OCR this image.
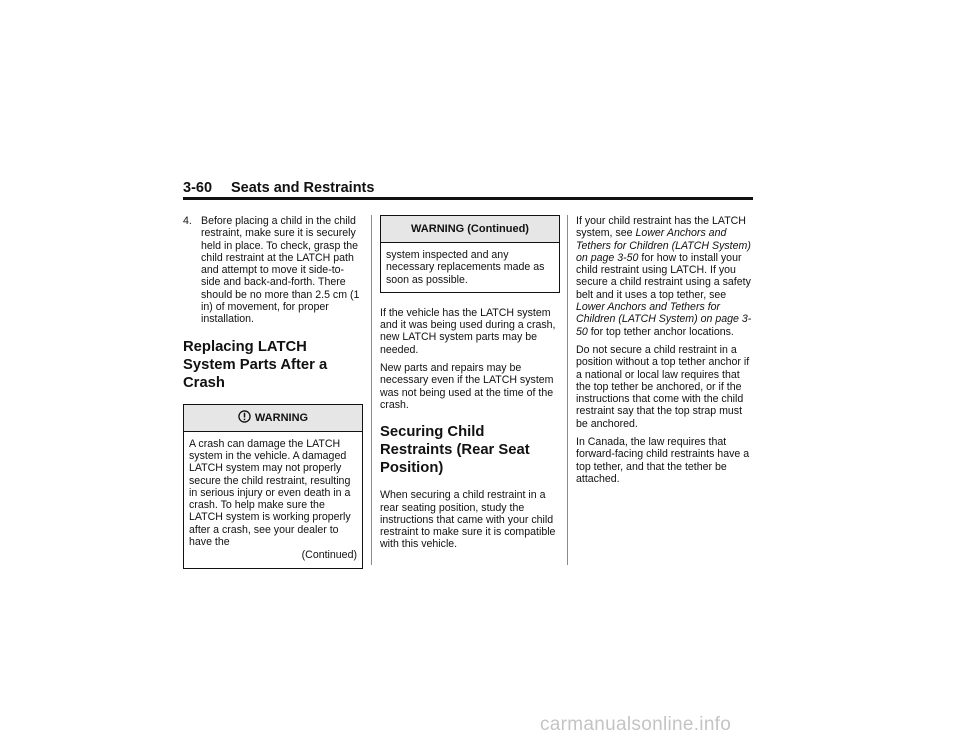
3-60 Seats and Restraints
4. Before placing a child in the child restraint, make sure it is securely held in place. To check, grasp the child restraint at the LATCH path and attempt to move it side-to-side and back-and-forth. There should be no more than 2.5 cm (1 in) of movement, for proper installation.
Replacing LATCH System Parts After a Crash
WARNING

A crash can damage the LATCH system in the vehicle. A damaged LATCH system may not properly secure the child restraint, resulting in serious injury or even death in a crash. To help make sure the LATCH system is working properly after a crash, see your dealer to have the

(Continued)
WARNING (Continued)

system inspected and any necessary replacements made as soon as possible.

If the vehicle has the LATCH system and it was being used during a crash, new LATCH system parts may be needed.

New parts and repairs may be necessary even if the LATCH system was not being used at the time of the crash.

Securing Child Restraints (Rear Seat Position)

When securing a child restraint in a rear seating position, study the instructions that came with your child restraint to make sure it is compatible with this vehicle.

If your child restraint has the LATCH system, see Lower Anchors and Tethers for Children (LATCH System) on page 3-50 for how to install your child restraint using LATCH. If you secure a child restraint using a safety belt and it uses a top tether, see Lower Anchors and Tethers for Children (LATCH System) on page 3-50 for top tether anchor locations.

Do not secure a child restraint in a position without a top tether anchor if a national or local law requires that the top tether be anchored, or if the instructions that come with the child restraint say that the top strap must be anchored.

In Canada, the law requires that forward-facing child restraints have a top tether, and that the tether be attached.

carmanualsonline.info
